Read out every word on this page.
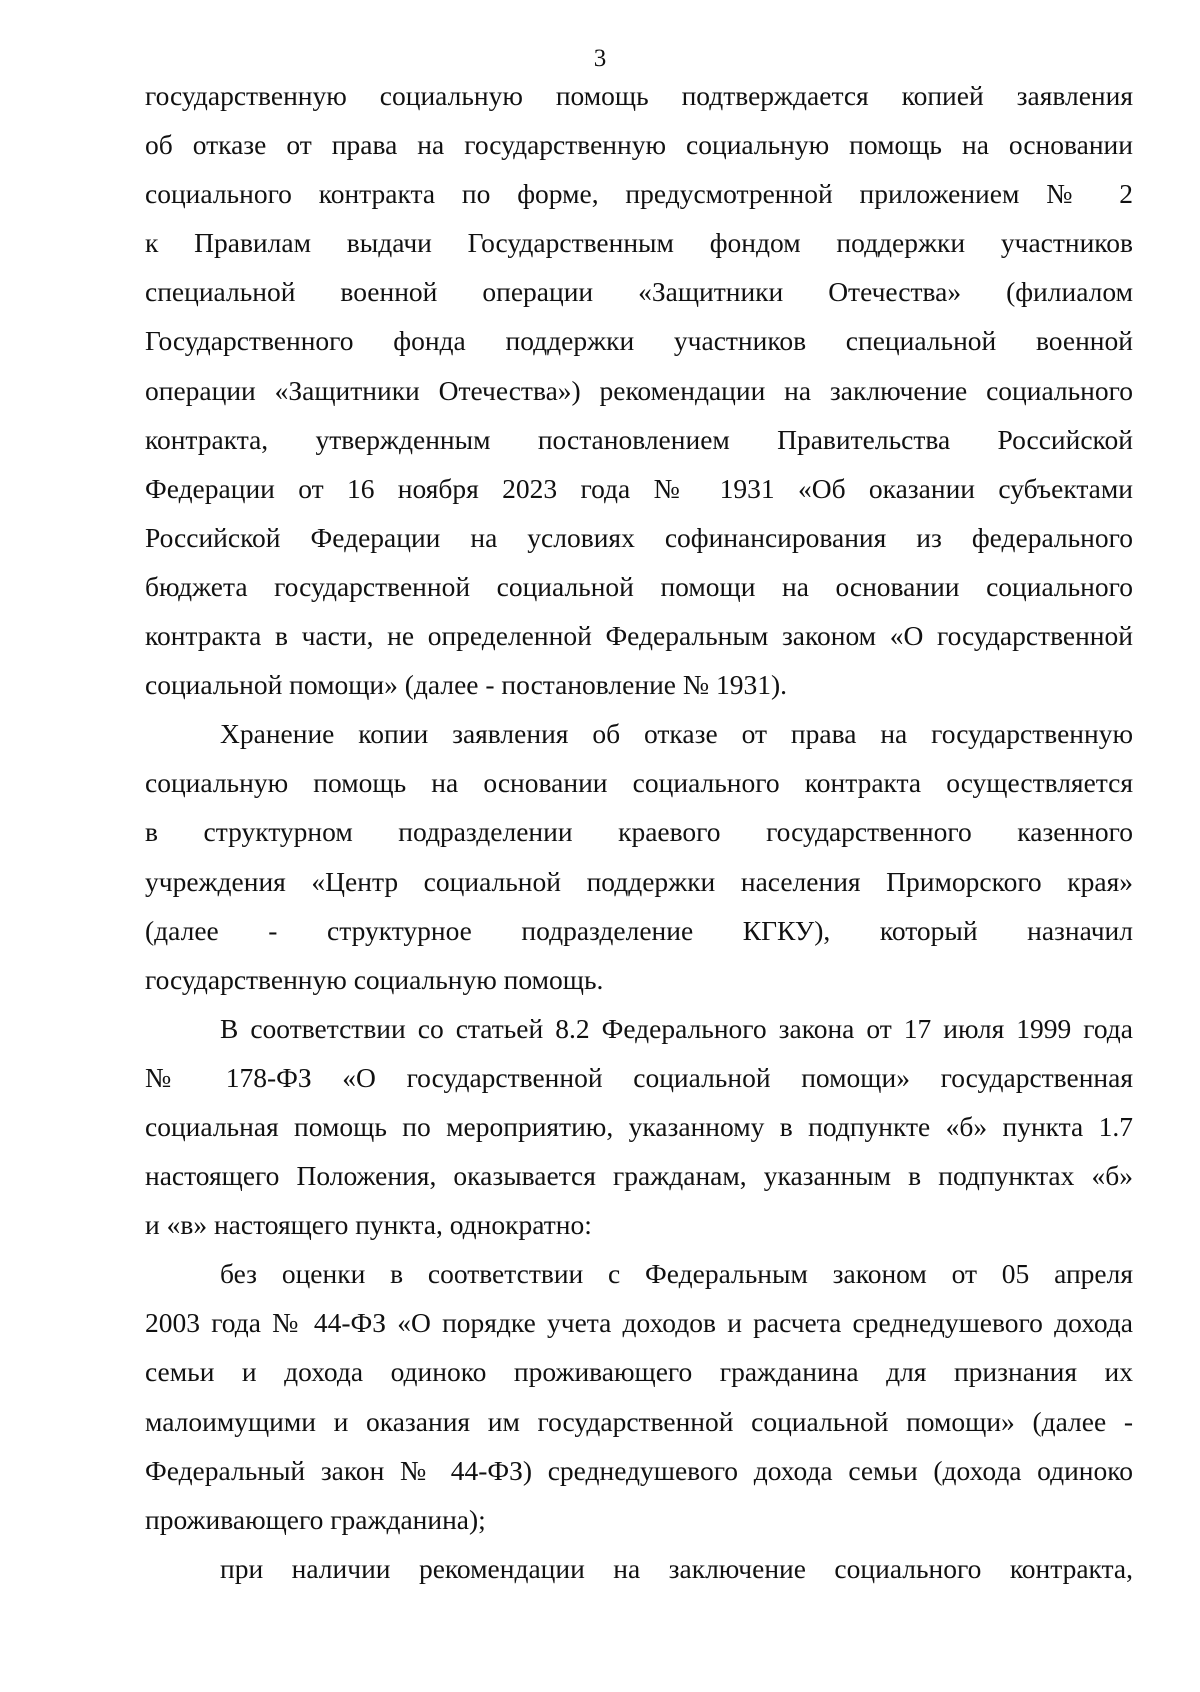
3
государственную социальную помощь подтверждается копией заявления
об отказе от права на государственную социальную помощь на основании
социального контракта по форме, предусмотренной приложением № 2
к Правилам выдачи Государственным фондом поддержки участников
специальной военной операции «Защитники Отечества» (филиалом
Государственного фонда поддержки участников специальной военной
операции «Защитники Отечества») рекомендации на заключение социального
контракта, утвержденным постановлением Правительства Российской
Федерации от 16 ноября 2023 года № 1931 «Об оказании субъектами
Российской Федерации на условиях софинансирования из федерального
бюджета государственной социальной помощи на основании социального
контракта в части, не определенной Федеральным законом «О государственной
социальной помощи» (далее - постановление № 1931).
Хранение копии заявления об отказе от права на государственную
социальную помощь на основании социального контракта осуществляется
в структурном подразделении краевого государственного казенного
учреждения «Центр социальной поддержки населения Приморского края»
(далее - структурное подразделение КГКУ), который назначил
государственную социальную помощь.
В соответствии со статьей 8.2 Федерального закона от 17 июля 1999 года
№ 178-ФЗ «О государственной социальной помощи» государственная
социальная помощь по мероприятию, указанному в подпункте «б» пункта 1.7
настоящего Положения, оказывается гражданам, указанным в подпунктах «б»
и «в» настоящего пункта, однократно:
без оценки в соответствии с Федеральным законом от 05 апреля
2003 года № 44-ФЗ «О порядке учета доходов и расчета среднедушевого дохода
семьи и дохода одиноко проживающего гражданина для признания их
малоимущими и оказания им государственной социальной помощи» (далее -
Федеральный закон № 44-ФЗ) среднедушевого дохода семьи (дохода одиноко
проживающего гражданина);
при наличии рекомендации на заключение социального контракта,
